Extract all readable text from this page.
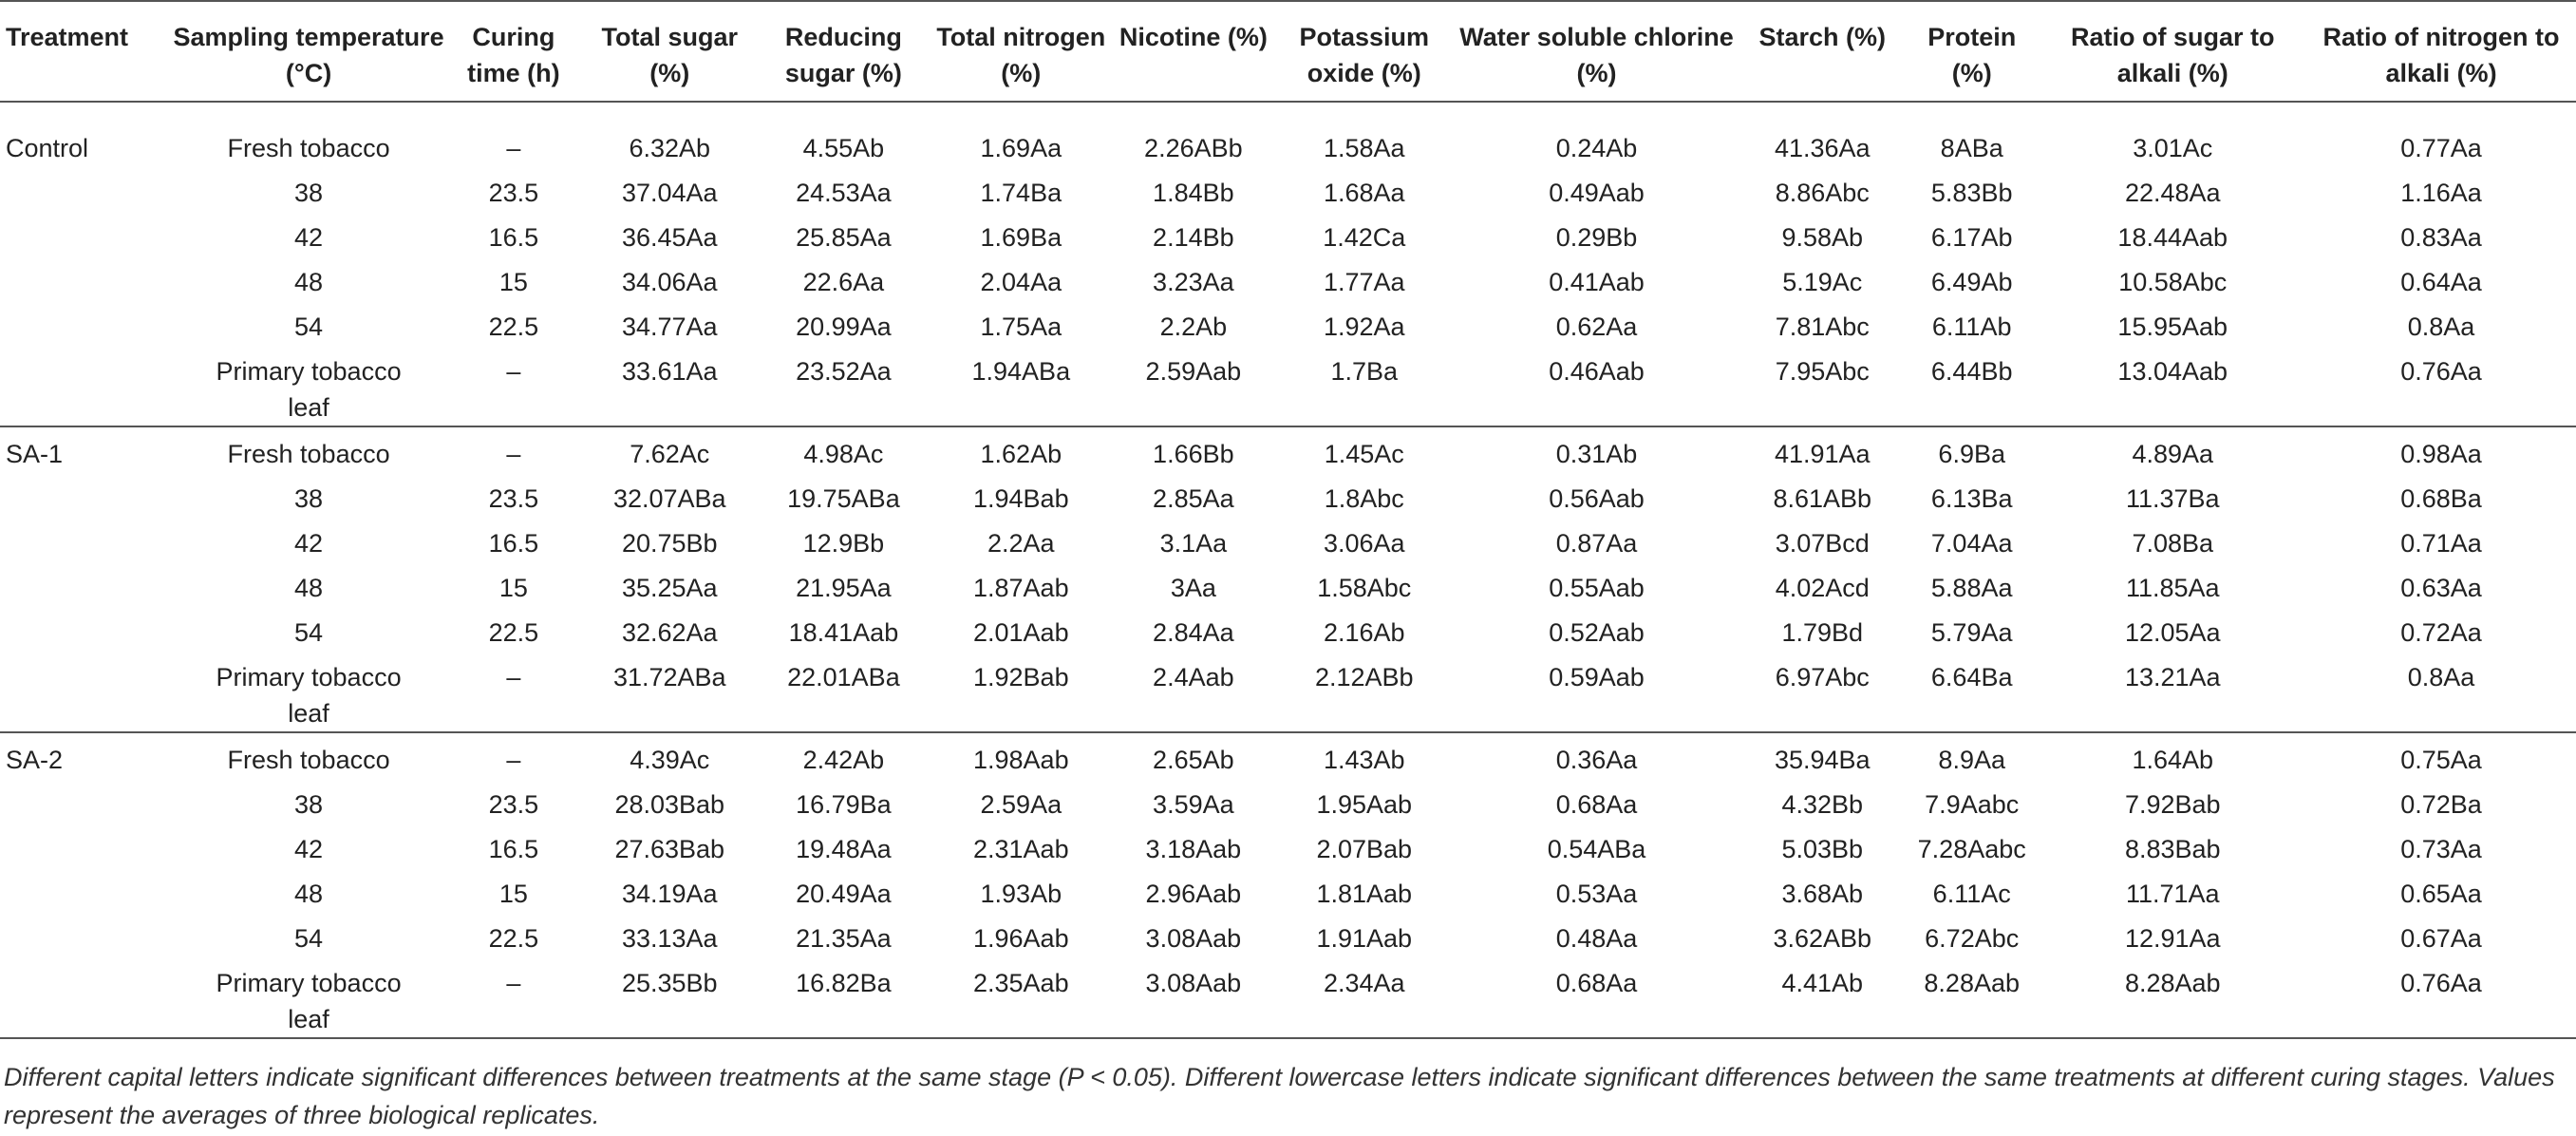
Treatment	Sampling temperature (°C)	Curing time (h)	Total sugar (%)	Reducing sugar (%)	Total nitrogen (%)	Nicotine (%)	Potassium oxide (%)	Water soluble chlorine (%)	Starch (%)	Protein (%)	Ratio of sugar to alkali (%)	Ratio of nitrogen to alkali (%)
Control	Fresh tobacco	–	6.32Ab	4.55Ab	1.69Aa	2.26ABb	1.58Aa	0.24Ab	41.36Aa	8ABa	3.01Ac	0.77Aa
	38	23.5	37.04Aa	24.53Aa	1.74Ba	1.84Bb	1.68Aa	0.49Aab	8.86Abc	5.83Bb	22.48Aa	1.16Aa
	42	16.5	36.45Aa	25.85Aa	1.69Ba	2.14Bb	1.42Ca	0.29Bb	9.58Ab	6.17Ab	18.44Aab	0.83Aa
	48	15	34.06Aa	22.6Aa	2.04Aa	3.23Aa	1.77Aa	0.41Aab	5.19Ac	6.49Ab	10.58Abc	0.64Aa
	54	22.5	34.77Aa	20.99Aa	1.75Aa	2.2Ab	1.92Aa	0.62Aa	7.81Abc	6.11Ab	15.95Aab	0.8Aa
	Primary tobacco leaf	–	33.61Aa	23.52Aa	1.94ABa	2.59Aab	1.7Ba	0.46Aab	7.95Abc	6.44Bb	13.04Aab	0.76Aa
SA-1	Fresh tobacco	–	7.62Ac	4.98Ac	1.62Ab	1.66Bb	1.45Ac	0.31Ab	41.91Aa	6.9Ba	4.89Aa	0.98Aa
	38	23.5	32.07ABa	19.75ABa	1.94Bab	2.85Aa	1.8Abc	0.56Aab	8.61ABb	6.13Ba	11.37Ba	0.68Ba
	42	16.5	20.75Bb	12.9Bb	2.2Aa	3.1Aa	3.06Aa	0.87Aa	3.07Bcd	7.04Aa	7.08Ba	0.71Aa
	48	15	35.25Aa	21.95Aa	1.87Aab	3Aa	1.58Abc	0.55Aab	4.02Acd	5.88Aa	11.85Aa	0.63Aa
	54	22.5	32.62Aa	18.41Aab	2.01Aab	2.84Aa	2.16Ab	0.52Aab	1.79Bd	5.79Aa	12.05Aa	0.72Aa
	Primary tobacco leaf	–	31.72ABa	22.01ABa	1.92Bab	2.4Aab	2.12ABb	0.59Aab	6.97Abc	6.64Ba	13.21Aa	0.8Aa
SA-2	Fresh tobacco	–	4.39Ac	2.42Ab	1.98Aab	2.65Ab	1.43Ab	0.36Aa	35.94Ba	8.9Aa	1.64Ab	0.75Aa
	38	23.5	28.03Bab	16.79Ba	2.59Aa	3.59Aa	1.95Aab	0.68Aa	4.32Bb	7.9Aabc	7.92Bab	0.72Ba
	42	16.5	27.63Bab	19.48Aa	2.31Aab	3.18Aab	2.07Bab	0.54ABa	5.03Bb	7.28Aabc	8.83Bab	0.73Aa
	48	15	34.19Aa	20.49Aa	1.93Ab	2.96Aab	1.81Aab	0.53Aa	3.68Ab	6.11Ac	11.71Aa	0.65Aa
	54	22.5	33.13Aa	21.35Aa	1.96Aab	3.08Aab	1.91Aab	0.48Aa	3.62ABb	6.72Abc	12.91Aa	0.67Aa
	Primary tobacco leaf	–	25.35Bb	16.82Ba	2.35Aab	3.08Aab	2.34Aa	0.68Aa	4.41Ab	8.28Aab	8.28Aab	0.76Aa
Different capital letters indicate significant differences between treatments at the same stage (P < 0.05). Different lowercase letters indicate significant differences between the same treatments at different curing stages. Values represent the averages of three biological replicates.
